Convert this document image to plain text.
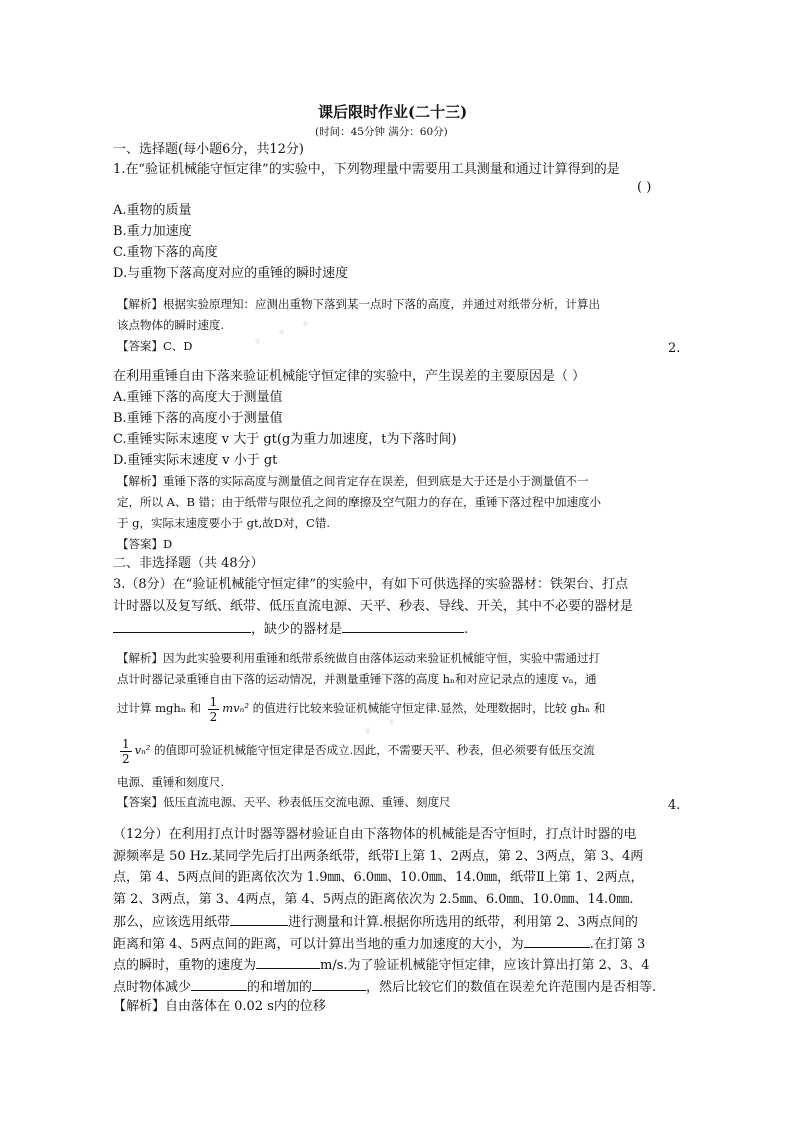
· · ·
· · ·
课后限时作业(二十三)
(时间：45分钟 满分：60分)
一、选择题(每小题6分，共12分)
1.在“验证机械能守恒定律”的实验中，下列物理量中需要用工具测量和通过计算得到的是
( )
A.重物的质量
B.重力加速度
C.重物下落的高度
D.与重物下落高度对应的重锤的瞬时速度
【解析】根据实验原理知：应测出重物下落到某一点时下落的高度，并通过对纸带分析，计算出
该点物体的瞬时速度.
【答案】C、D	2.
在利用重锤自由下落来验证机械能守恒定律的实验中，产生误差的主要原因是（ ）
A.重锤下落的高度大于测量值
B.重锤下落的高度小于测量值
C.重锤实际末速度 v 大于 gt(g为重力加速度，t为下落时间)
D.重锤实际末速度 v 小于 gt
【解析】重锤下落的实际高度与测量值之间肯定存在误差，但到底是大于还是小于测量值不一
定，所以 A、B 错；由于纸带与限位孔之间的摩擦及空气阻力的存在，重锤下落过程中加速度小
于 g，实际末速度要小于 gt,故D对，C错.
【答案】D
二、非选择题（共 48分）
3.（8分）在“验证机械能守恒定律”的实验中，有如下可供选择的实验器材：铁架台、打点
计时器以及复写纸、纸带、低压直流电源、天平、秒表、导线、开关，其中不必要的器材是
，缺少的器材是	.
【解析】因为此实验要利用重锤和纸带系统做自由落体运动来验证机械能守恒，实验中需通过打
点计时器记录重锤自由下落的运动情况，并测量重锤下落的高度 hₙ和对应记录点的速度 vₙ，通
过计算 mghₙ 和 $\frac{1}{2} mv_n^2$ 的值进行比较来验证机械能守恒定律.显然，处理数据时，比较 ghₙ 和
$\frac{1}{2} v_n^2$ 的值即可验证机械能守恒定律是否成立.因此，不需要天平、秒表，但必须要有低压交流
电源、重锤和刻度尺.
【答案】低压直流电源、天平、秒表低压交流电源、重锤、刻度尺	4.
（12分）在利用打点计时器等器材验证自由下落物体的机械能是否守恒时，打点计时器的电
源频率是 50 Hz.某同学先后打出两条纸带，纸带Ⅰ上第 1、2两点，第 2、3两点，第 3、4两
点，第 4、5两点间的距离依次为 1.9㎜、6.0㎜、10.0㎜、14.0㎜，纸带Ⅱ上第 1、2两点，
第 2、3两点，第 3、4两点，第 4、5两点的距离依次为 2.5㎜、6.0㎜、10.0㎜、14.0㎜.
那么，应该选用纸带	进行测量和计算.根据你所选用的纸带，利用第 2、3两点间的
距离和第 4、5两点间的距离，可以计算出当地的重力加速度的大小，为	.在打第 3
点的瞬时，重物的速度为	m/s.为了验证机械能守恒定律，应该计算出打第 2、3、4
点时物体减少	的和增加的	，然后比较它们的数值在误差允许范围内是否相等.
【解析】自由落体在 0.02 s内的位移
